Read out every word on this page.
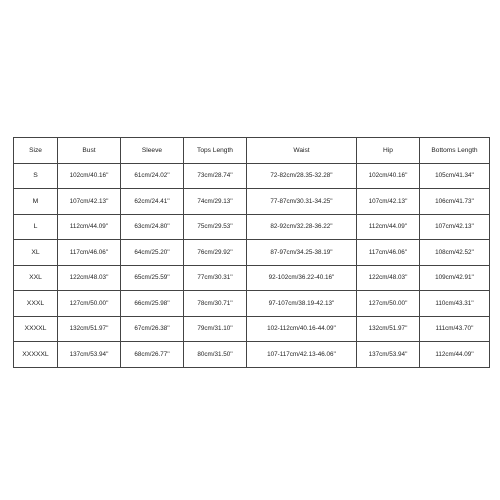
Size	Bust	Sleeve	Tops Length	Waist	Hip	Bottoms Length
S	102cm/40.16''	61cm/24.02''	73cm/28.74''	72-82cm/28.35-32.28''	102cm/40.16''	105cm/41.34''
M	107cm/42.13''	62cm/24.41''	74cm/29.13''	77-87cm/30.31-34.25''	107cm/42.13''	106cm/41.73''
L	112cm/44.09''	63cm/24.80''	75cm/29.53''	82-92cm/32.28-36.22''	112cm/44.09''	107cm/42.13''
XL	117cm/46.06''	64cm/25.20''	76cm/29.92''	87-97cm/34.25-38.19''	117cm/46.06''	108cm/42.52''
XXL	122cm/48.03''	65cm/25.59''	77cm/30.31''	92-102cm/36.22-40.16''	122cm/48.03''	109cm/42.91''
XXXL	127cm/50.00''	66cm/25.98''	78cm/30.71''	97-107cm/38.19-42.13''	127cm/50.00''	110cm/43.31''
XXXXL	132cm/51.97''	67cm/26.38''	79cm/31.10''	102-112cm/40.16-44.09''	132cm/51.97''	111cm/43.70''
XXXXXL	137cm/53.94''	68cm/26.77''	80cm/31.50''	107-117cm/42.13-46.06''	137cm/53.94''	112cm/44.09''
